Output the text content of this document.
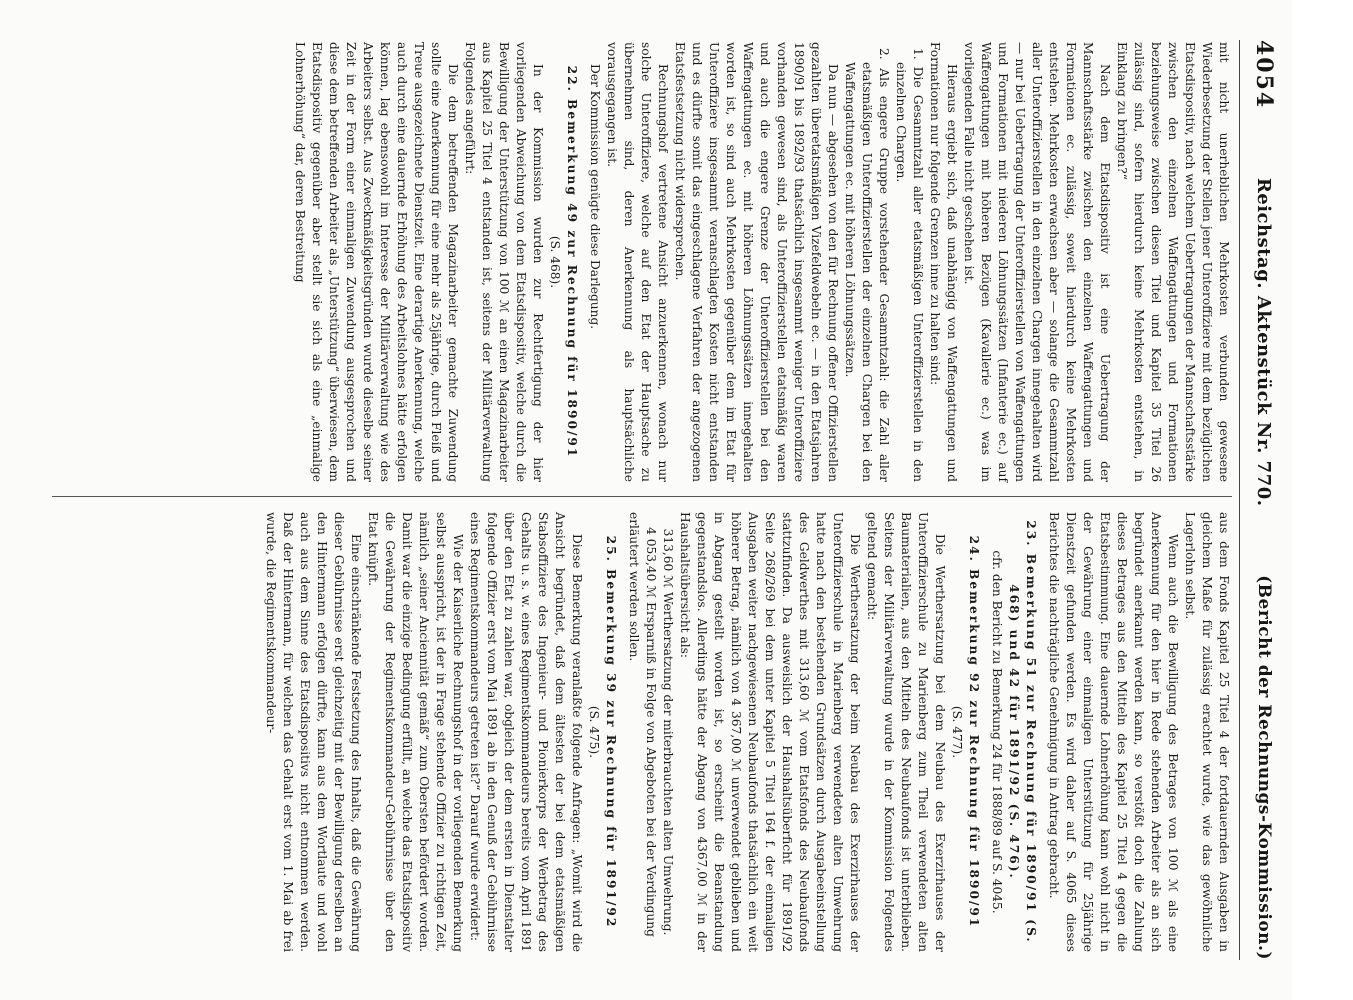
4054
Reichstag. Aktenstück Nr. 770.
(Bericht der Rechnungs-Kommission.)

mit nicht unerheblichen Mehrkosten verbunden gewesene Wiederbesetzung der Stellen jener Unteroffiziere mit dem bezüglichen Etatsdispositiv, nach welchem Uebertragungen der Mannschaftsstärke zwischen den einzelnen Waffengattungen und Formationen beziehungsweise zwischen diesen Titel und Kapitel 35 Titel 26 zulässig sind, sofern hierdurch keine Mehrkosten entstehen, in Einklang zu bringen?“

Nach dem Etatsdispositiv ist eine Uebertragung der Mannschaftsstärke zwischen den einzelnen Waffengattungen und Formationen ec. zulässig, soweit hierdurch keine Mehrkosten entstehen. Mehrkosten erwachsen aber — solange die Gesammtzahl aller Unteroffizierstellen in den einzelnen Chargen innegehalten wird — nur bei Uebertragung der Unteroffizierstellen von Waffengattungen und Formationen mit niederen Löhnungssätzen (Infanterie ec.) auf Waffengattungen mit höheren Bezügen (Kavallerie ec.) was im vorliegenden Falle nicht geschehen ist.

Hieraus ergiebt sich, daß unabhängig von Waffengattungen und Formationen nur folgende Grenzen inne zu halten sind:

1. Die Gesammtzahl aller etatsmäßigen Unteroffizierstellen in den einzelnen Chargen.

2. Als engere Gruppe vorstehender Gesammtzahl: die Zahl aller etatsmäßigen Unteroffizierstellen der einzelnen Chargen bei den Waffengattungen ec. mit höheren Löhnungssätzen.

Da nun — abgesehen von den für Rechnung offener Offizierstellen gezahlten überetatsmäßigen Vizefeldwebeln ec. — in den Etatsjahren 1890/91 bis 1892/93 thatsächlich insgesammt weniger Unteroffiziere vorhanden gewesen sind, als Unteroffizierstellen etatsmäßig waren und auch die engere Grenze der Unteroffizierstellen bei den Waffengattungen ec. mit höheren Löhnungssätzen innegehalten worden ist, so sind auch Mehrkosten gegenüber dem im Etat für Unteroffiziere insgesammt veranschlagten Kosten nicht entstanden und es dürfte somit das eingeschlagene Verfahren der angezogenen Etatsfestsetzung nicht widersprechen.

Rechnungshof vertretene Ansicht anzuerkennen, wonach nur solche Unteroffiziere, welche auf den Etat der Hauptsache zu übernehmen sind, deren Anerkennung als hauptsächliche vorausgegangen ist.

Der Kommission genügte diese Darlegung.

22. Bemerkung 49 zur Rechnung für 1890/91

(S. 468).

In der Kommission wurden zur Rechtfertigung der hier vorliegenden Abweichung von dem Etatsdispositiv, welche durch die Bewilligung der Unterstützung von 100 ℳ an einen Magazinarbeiter aus Kapitel 25 Titel 4 entstanden ist, seitens der Militärverwaltung Folgendes angeführt:

Die dem betreffenden Magazinarbeiter gemachte Zuwendung sollte eine Anerkennung für eine mehr als 25jährige, durch Fleiß und Treue ausgezeichnete Dienstzeit. Eine derartige Anerkennung, welche auch durch eine dauernde Erhöhung des Arbeitslohnes hätte erfolgen können, lag ebensowohl im Interesse der Militärverwaltung wie des Arbeiters selbst. Aus Zweckmäßigkeitsgründen wurde dieselbe seiner Zeit in der Form einer einmaligen Zuwendung ausgesprochen und diese dem betreffenden Arbeiter als „Unterstützung“ überwiesen, dem Etatsdispositiv gegenüber aber stellt sie sich als eine „einmalige Lohnerhöhung“ dar, deren Bestreitung

aus dem Fonds Kapitel 25 Titel 4 der fortdauernden Ausgaben in gleichem Maße für zulässig erachtet wurde, wie das gewöhnliche Lagerlohn selbst.

Wenn auch die Bewilligung des Betrages von 100 ℳ als eine Anerkennung für den hier in Rede stehenden Arbeiter als an sich begründet anerkannt werden kann, so verstößt doch die Zahlung dieses Betrages aus den Mitteln des Kapitel 25 Titel 4 gegen die Etatsbestimmung. Eine dauernde Lohnerhöhung kann wohl nicht in der Gewährung einer einmaligen Unterstützung für 25jährige Dienstzeit gefunden werden. Es wird daher auf S. 4065 dieses Berichtes die nachträgliche Genehmigung in Antrag gebracht.

23. Bemerkung 51 zur Rechnung für 1890/91 (S. 468) und 42 für 1891/92 (S. 476).

cfr. den Bericht zu Bemerkung 24 für 1888/89 auf S. 4045.

24. Bemerkung 92 zur Rechnung für 1890/91

(S. 477).

Die Werthersatzung bei dem Neubau des Exerzirhauses der Unteroffizierschule zu Marienberg zum Theil verwendeten alten Baumaterialien, aus den Mitteln des Neubaufonds ist unterblieben. Seitens der Militärverwaltung wurde in der Kommission Folgendes geltend gemacht:

Die Werthersatzung der beim Neubau des Exerzirhauses der Unteroffizierschule in Marienberg verwendeten alten Umwehrung hatte nach den bestehenden Grundsätzen durch Ausgabeeinstellung des Geldwerthes mit 313,60 ℳ vom Etatsfonds des Neubaufonds stattzufinden. Da ausweislich der Haushaltsüberficht für 1891/92 Seite 268/269 bei dem unter Kapitel 5 Titel 164 f. der einmaligen Ausgaben weiter nachgewiesenen Neubaufonds thatsächlich ein weit höherer Betrag, nämlich von 4 367,00 ℳ unverwendet geblieben und in Abgang gestellt worden ist, so erscheint die Beanstandung gegenstandslos. Allerdings hätte der Abgang von 4367,00 ℳ in der Haushaltsübersicht als:

313,60 ℳ Werthersatzung der miterbrauchten alten Umwehrung.

4 053,40 ℳ Ersparniß in Folge von Abgeboten bei der Verdingung

erläutert werden sollen.

25. Bemerkung 39 zur Rechnung für 1891/92

(S. 475).

Diese Bemerkung veranlaßte folgende Anfragen: „Womit wird die Ansicht begründet, daß dem ältesten der bei dem etatsmäßigen Stabsoffiziere des Ingenieur- und Pionierkorps der Werbetrag des Gehalts u. s. w. eines Regimentskommandeurs bereits vom April 1891 über den Etat zu zahlen war, obgleich der dem ersten in Dienstalter folgende Offizier erst vom Mai 1891 ab in den Genuß der Gebührnisse eines Regimentskommandeurs getreten ist?“ Darauf wurde erwidert:

Wie der Kaiserliche Rechnungshof in der vorliegenden Bemerkung selbst ausspricht, ist der in Frage stehende Offizier zu richtigen Zeit, nämlich „seiner Anciennität gemäß“ zum Obersten befördert worden. Damit war die einzige Bedingung erfüllt, an welche das Etatsdispositiv die Gewährung der Regimentskommandeur-Gebührnisse über den Etat knüpft.

Eine einschränkende Festsetzung des Inhalts, daß die Gewährung dieser Gebührnisse erst gleichzeitig mit der Bewilligung derselben an den Hintermann erfolgen dürfte, kann aus dem Wortlaute und wohl auch aus dem Sinne des Etatsdispositivs nicht entnommen werden. Daß der Hintermann, für welchen das Gehalt erst vom 1. Mai ab frei wurde, die Regimentskommandeur-
